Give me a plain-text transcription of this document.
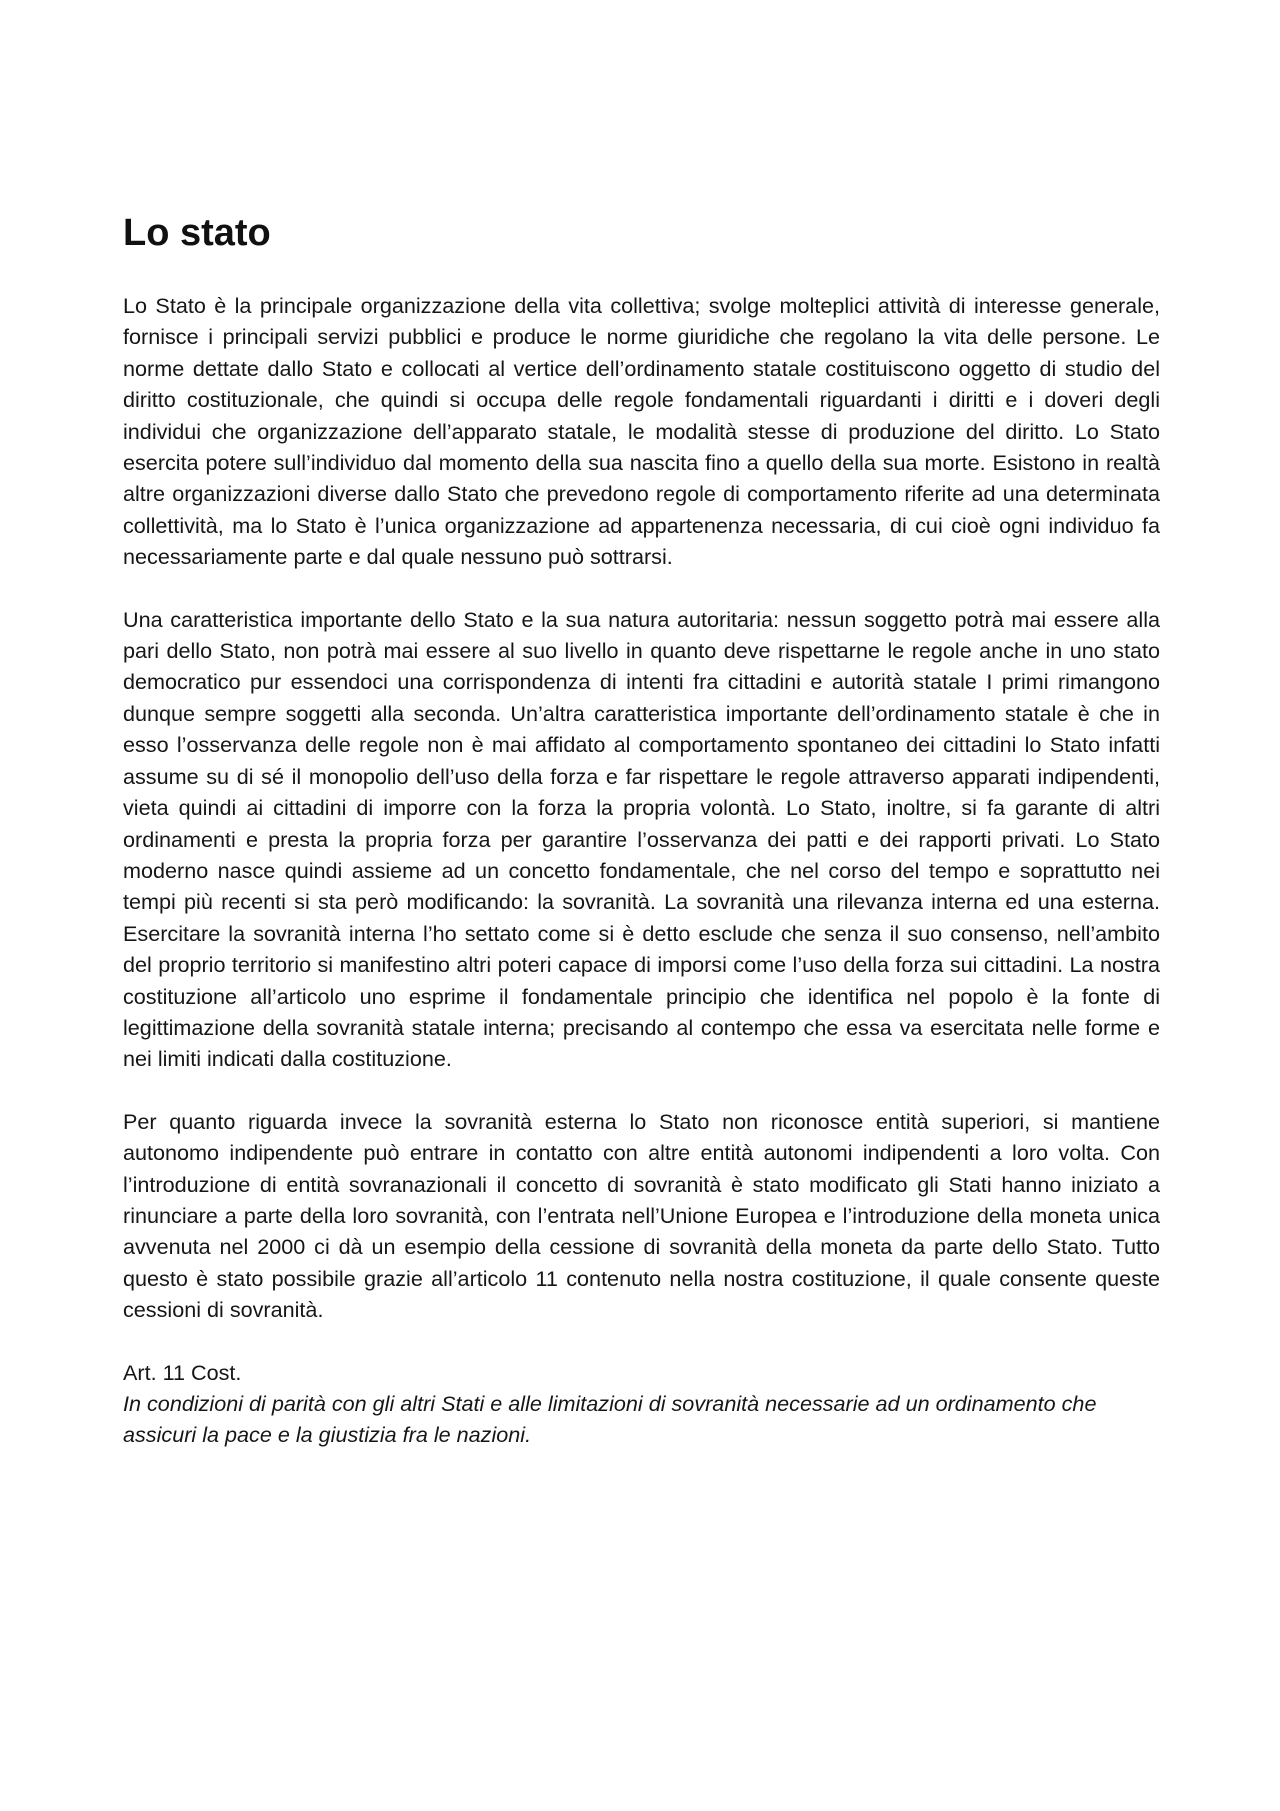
Lo stato

Lo Stato è la principale organizzazione della vita collettiva; svolge molteplici attività di interesse generale, fornisce i principali servizi pubblici e produce le norme giuridiche che regolano la vita delle persone. Le norme dettate dallo Stato e collocati al vertice dell’ordinamento statale costituiscono oggetto di studio del diritto costituzionale, che quindi si occupa delle regole fondamentali riguardanti i diritti e i doveri degli individui che organizzazione dell’apparato statale, le modalità stesse di produzione del diritto. Lo Stato esercita potere sull’individuo dal momento della sua nascita fino a quello della sua morte. Esistono in realtà altre organizzazioni diverse dallo Stato che prevedono regole di comportamento riferite ad una determinata collettività, ma lo Stato è l’unica organizzazione ad appartenenza necessaria, di cui cioè ogni individuo fa necessariamente parte e dal quale nessuno può sottrarsi.

Una caratteristica importante dello Stato e la sua natura autoritaria: nessun soggetto potrà mai essere alla pari dello Stato, non potrà mai essere al suo livello in quanto deve rispettarne le regole anche in uno stato democratico pur essendoci una corrispondenza di intenti fra cittadini e autorità statale I primi rimangono dunque sempre soggetti alla seconda. Un’altra caratteristica importante dell’ordinamento statale è che in esso l’osservanza delle regole non è mai affidato al comportamento spontaneo dei cittadini lo Stato infatti assume su di sé il monopolio dell’uso della forza e far rispettare le regole attraverso apparati indipendenti, vieta quindi ai cittadini di imporre con la forza la propria volontà. Lo Stato, inoltre, si fa garante di altri ordinamenti e presta la propria forza per garantire l’osservanza dei patti e dei rapporti privati. Lo Stato moderno nasce quindi assieme ad un concetto fondamentale, che nel corso del tempo e soprattutto nei tempi più recenti si sta però modificando: la sovranità. La sovranità una rilevanza interna ed una esterna. Esercitare la sovranità interna l’ho settato come si è detto esclude che senza il suo consenso, nell’ambito del proprio territorio si manifestino altri poteri capace di imporsi come l’uso della forza sui cittadini. La nostra costituzione all’articolo uno esprime il fondamentale principio che identifica nel popolo è la fonte di legittimazione della sovranità statale interna; precisando al contempo che essa va esercitata nelle forme e nei limiti indicati dalla costituzione.

Per quanto riguarda invece la sovranità esterna lo Stato non riconosce entità superiori, si mantiene autonomo indipendente può entrare in contatto con altre entità autonomi indipendenti a loro volta. Con l’introduzione di entità sovranazionali il concetto di sovranità è stato modificato gli Stati hanno iniziato a rinunciare a parte della loro sovranità, con l’entrata nell’Unione Europea e l’introduzione della moneta unica avvenuta nel 2000 ci dà un esempio della cessione di sovranità della moneta da parte dello Stato. Tutto questo è stato possibile grazie all’articolo 11 contenuto nella nostra costituzione, il quale consente queste cessioni di sovranità.

Art. 11 Cost.

In condizioni di parità con gli altri Stati e alle limitazioni di sovranità necessarie ad un ordinamento che assicuri la pace e la giustizia fra le nazioni.
